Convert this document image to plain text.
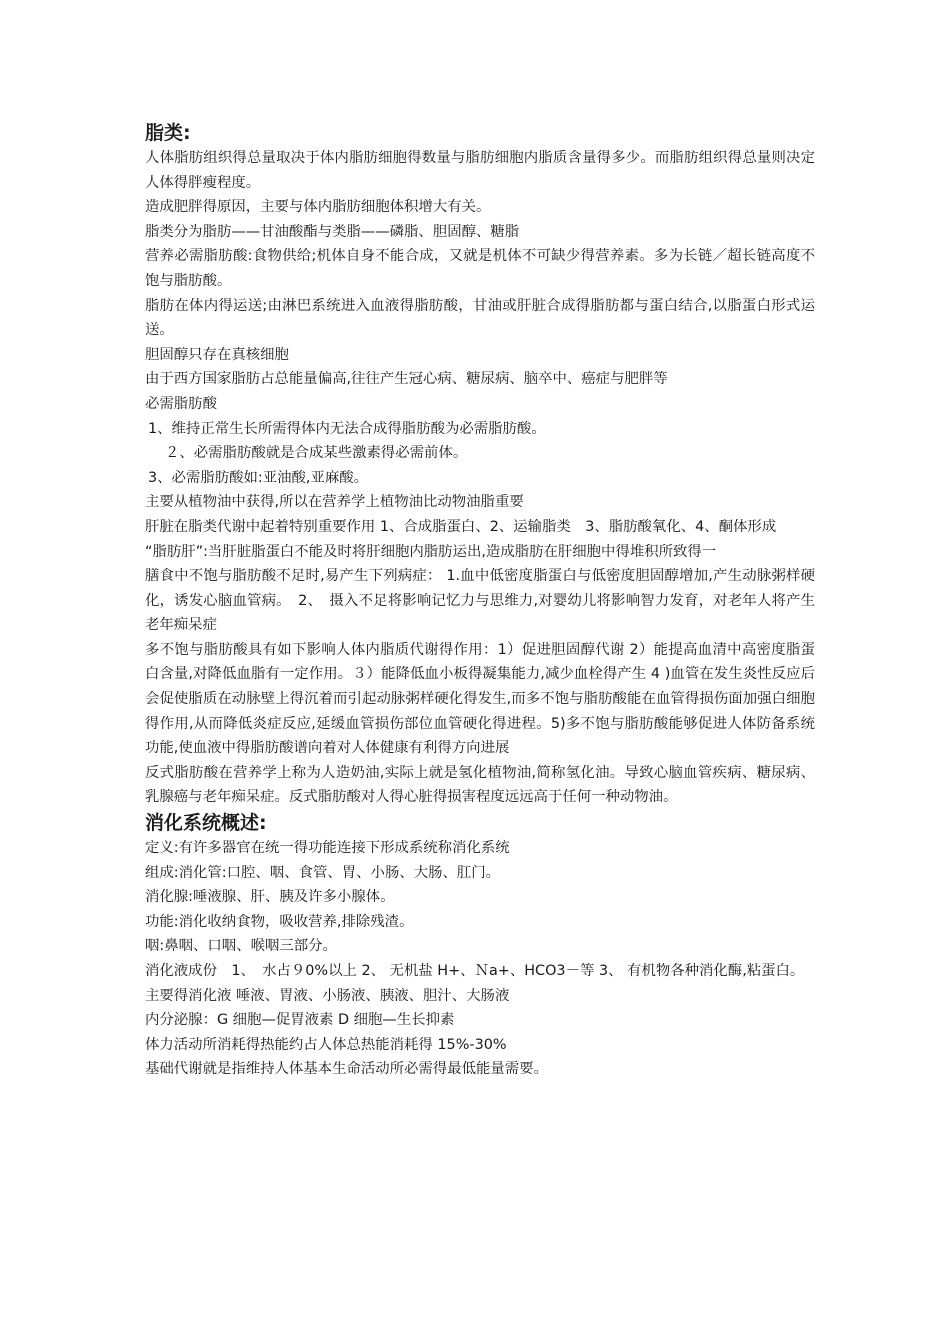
脂类:

人体脂肪组织得总量取决于体内脂肪细胞得数量与脂肪细胞内脂质含量得多少。而脂肪组织得总量则决定人体得胖瘦程度。

造成肥胖得原因，主要与体内脂肪细胞体积增大有关。

脂类分为脂肪——甘油酸酯与类脂——磷脂、胆固醇、糖脂

营养必需脂肪酸:食物供给;机体自身不能合成，又就是机体不可缺少得营养素。多为长链／超长链高度不饱与脂肪酸。

脂肪在体内得运送;由淋巴系统进入血液得脂肪酸，甘油或肝脏合成得脂肪都与蛋白结合,以脂蛋白形式运送。

胆固醇只存在真核细胞

由于西方国家脂肪占总能量偏高,往往产生冠心病、糖尿病、脑卒中、癌症与肥胖等

必需脂肪酸

1、维持正常生长所需得体内无法合成得脂肪酸为必需脂肪酸。

２、必需脂肪酸就是合成某些激素得必需前体。

3、必需脂肪酸如:亚油酸,亚麻酸。

主要从植物油中获得,所以在营养学上植物油比动物油脂重要

肝脏在脂类代谢中起着特别重要作用 1、合成脂蛋白、2、运输脂类　3、脂肪酸氧化、4、酮体形成

“脂肪肝”:当肝脏脂蛋白不能及时将肝细胞内脂肪运出,造成脂肪在肝细胞中得堆积所致得一

膳食中不饱与脂肪酸不足时,易产生下列病症： 1.血中低密度脂蛋白与低密度胆固醇增加,产生动脉粥样硬化，诱发心脑血管病。　2、　摄入不足将影响记忆力与思维力,对婴幼儿将影响智力发育，对老年人将产生老年痴呆症

多不饱与脂肪酸具有如下影响人体内脂质代谢得作用：1）促进胆固醇代谢 2）能提高血清中高密度脂蛋白含量,对降低血脂有一定作用。３）能降低血小板得凝集能力,减少血栓得产生 4 )血管在发生炎性反应后会促使脂质在动脉壁上得沉着而引起动脉粥样硬化得发生,而多不饱与脂肪酸能在血管得损伤面加强白细胞得作用,从而降低炎症反应,延缓血管损伤部位血管硬化得进程。5)多不饱与脂肪酸能够促进人体防备系统功能,使血液中得脂肪酸谱向着对人体健康有利得方向进展

反式脂肪酸在营养学上称为人造奶油,实际上就是氢化植物油,简称氢化油。导致心脑血管疾病、糖尿病、乳腺癌与老年痴呆症。反式脂肪酸对人得心脏得损害程度远远高于任何一种动物油。

消化系统概述:

定义:有许多器官在统一得功能连接下形成系统称消化系统

组成:消化管:口腔、咽、食管、胃、小肠、大肠、肛门。

消化腺:唾液腺、肝、胰及许多小腺体。

功能:消化收纳食物，吸收营养,排除残渣。

咽:鼻咽、口咽、喉咽三部分。

消化液成份　1、　水占９0%以上 2、 无机盐 H+、Ｎa+、HCO3－等 3、 有机物各种消化酶,粘蛋白。

主要得消化液 唾液、胃液、小肠液、胰液、胆汁、大肠液

内分泌腺：G 细胞—促胃液素 D 细胞—生长抑素

体力活动所消耗得热能约占人体总热能消耗得 15%-30%

基础代谢就是指维持人体基本生命活动所必需得最低能量需要。
